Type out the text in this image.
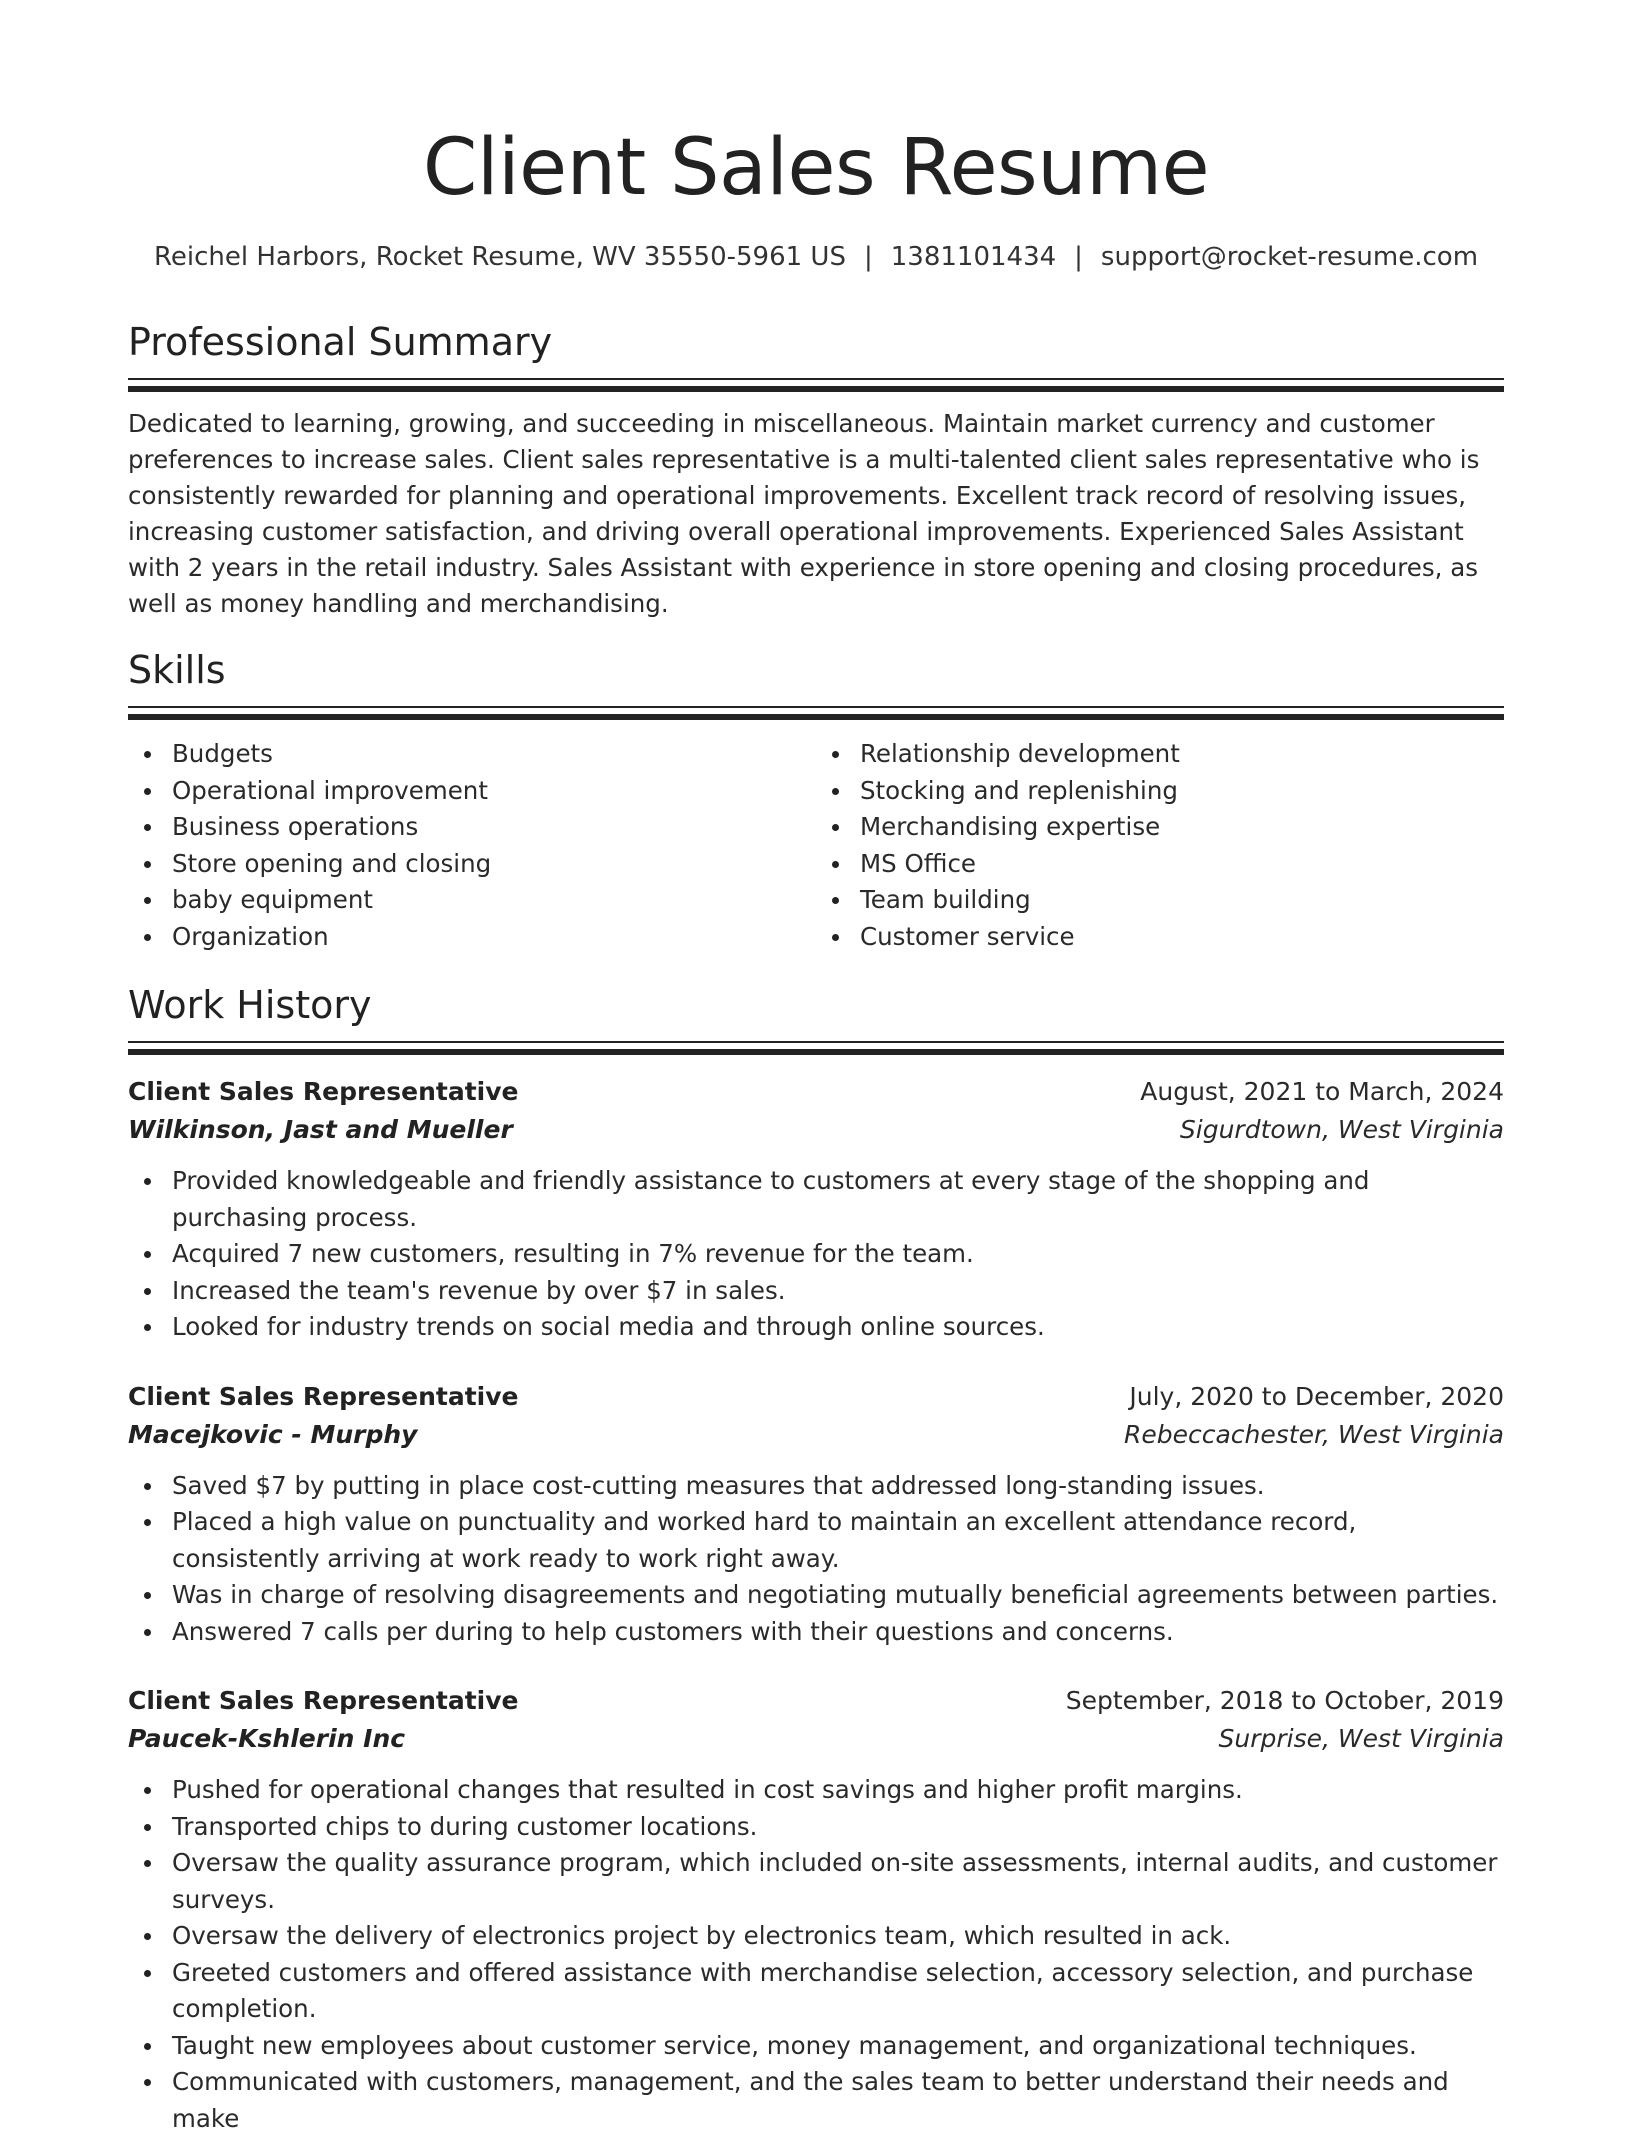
Client Sales Resume
Reichel Harbors, Rocket Resume, WV 35550-5961 US | 1381101434 | support@rocket-resume.com
Professional Summary
Dedicated to learning, growing, and succeeding in miscellaneous. Maintain market currency and customer preferences to increase sales. Client sales representative is a multi-talented client sales representative who is consistently rewarded for planning and operational improvements. Excellent track record of resolving issues, increasing customer satisfaction, and driving overall operational improvements. Experienced Sales Assistant with 2 years in the retail industry. Sales Assistant with experience in store opening and closing procedures, as well as money handling and merchandising.
Skills
Budgets
Operational improvement
Business operations
Store opening and closing
baby equipment
Organization
Relationship development
Stocking and replenishing
Merchandising expertise
MS Office
Team building
Customer service
Work History
Client Sales Representative	August, 2021 to March, 2024
Wilkinson, Jast and Mueller	Sigurdtown, West Virginia
Provided knowledgeable and friendly assistance to customers at every stage of the shopping and purchasing process.
Acquired 7 new customers, resulting in 7% revenue for the team.
Increased the team's revenue by over $7 in sales.
Looked for industry trends on social media and through online sources.
Client Sales Representative	July, 2020 to December, 2020
Macejkovic - Murphy	Rebeccachester, West Virginia
Saved $7 by putting in place cost-cutting measures that addressed long-standing issues.
Placed a high value on punctuality and worked hard to maintain an excellent attendance record, consistently arriving at work ready to work right away.
Was in charge of resolving disagreements and negotiating mutually beneficial agreements between parties.
Answered 7 calls per during to help customers with their questions and concerns.
Client Sales Representative	September, 2018 to October, 2019
Paucek-Kshlerin Inc	Surprise, West Virginia
Pushed for operational changes that resulted in cost savings and higher profit margins.
Transported chips to during customer locations.
Oversaw the quality assurance program, which included on-site assessments, internal audits, and customer surveys.
Oversaw the delivery of electronics project by electronics team, which resulted in ack.
Greeted customers and offered assistance with merchandise selection, accessory selection, and purchase completion.
Taught new employees about customer service, money management, and organizational techniques.
Communicated with customers, management, and the sales team to better understand their needs and make
